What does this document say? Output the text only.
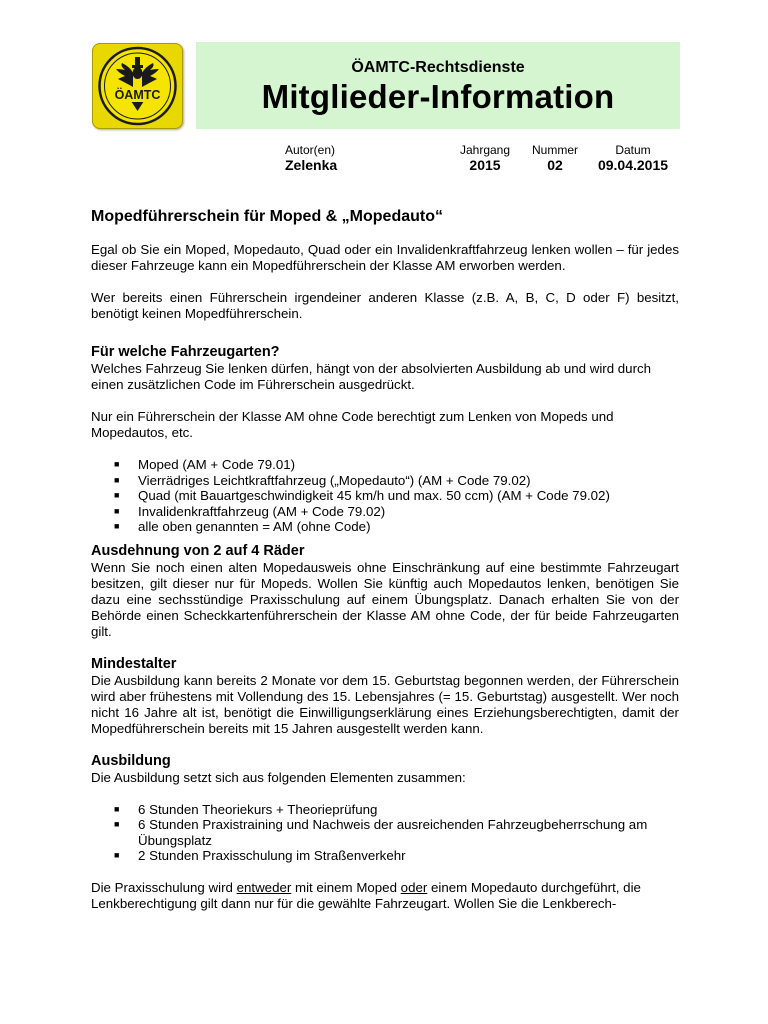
ÖAMTC
ÖAMTC-Rechtsdienste
Mitglieder-Information
Autor(en)
Zelenka
Jahrgang
2015
Nummer
02
Datum
09.04.2015
Mopedführerschein für Moped & „Mopedauto“

Egal ob Sie ein Moped, Mopedauto, Quad oder ein Invalidenkraftfahrzeug lenken wollen – für jedes dieser Fahrzeuge kann ein Mopedführerschein der Klasse AM erworben werden.

Wer bereits einen Führerschein irgendeiner anderen Klasse (z.B. A, B, C, D oder F) besitzt, benötigt keinen Mopedführerschein.

Für welche Fahrzeugarten?

Welches Fahrzeug Sie lenken dürfen, hängt von der absolvierten Ausbildung ab und wird durch einen zusätzlichen Code im Führerschein ausgedrückt.

Nur ein Führerschein der Klasse AM ohne Code berechtigt zum Lenken von Mopeds und Mopedautos, etc.

■ Moped (AM + Code 79.01)
■ Vierrädriges Leichtkraftfahrzeug („Mopedauto“) (AM + Code 79.02)
■ Quad (mit Bauartgeschwindigkeit 45 km/h und max. 50 ccm) (AM + Code 79.02)
■ Invalidenkraftfahrzeug (AM + Code 79.02)
■ alle oben genannten = AM (ohne Code)
Ausdehnung von 2 auf 4 Räder

Wenn Sie noch einen alten Mopedausweis ohne Einschränkung auf eine bestimmte Fahrzeugart besitzen, gilt dieser nur für Mopeds. Wollen Sie künftig auch Mopedautos lenken, benötigen Sie dazu eine sechsstündige Praxisschulung auf einem Übungsplatz. Danach erhalten Sie von der Behörde einen Scheckkartenführerschein der Klasse AM ohne Code, der für beide Fahrzeugarten gilt.

Mindestalter

Die Ausbildung kann bereits 2 Monate vor dem 15. Geburtstag begonnen werden, der Führerschein wird aber frühestens mit Vollendung des 15. Lebensjahres (= 15. Geburtstag) ausgestellt. Wer noch nicht 16 Jahre alt ist, benötigt die Einwilligungserklärung eines Erziehungsberechtigten, damit der Mopedführerschein bereits mit 15 Jahren ausgestellt werden kann.

Ausbildung

Die Ausbildung setzt sich aus folgenden Elementen zusammen:

■ 6 Stunden Theoriekurs + Theorieprüfung
■ 6 Stunden Praxistraining und Nachweis der ausreichenden Fahrzeugbeherrschung am Übungsplatz
■ 2 Stunden Praxisschulung im Straßenverkehr

Die Praxisschulung wird entweder mit einem Moped oder einem Mopedauto durchgeführt, die Lenkberechtigung gilt dann nur für die gewählte Fahrzeugart. Wollen Sie die Lenkberech-
